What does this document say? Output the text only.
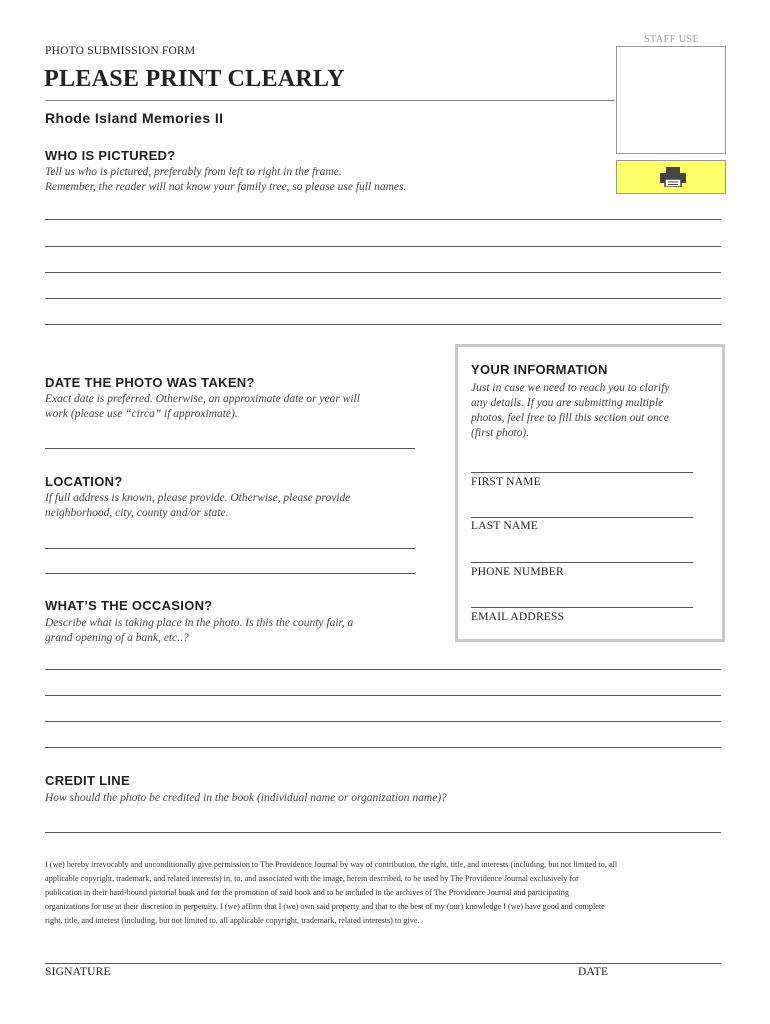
STAFF USE
PHOTO SUBMISSION FORM
PLEASE PRINT CLEARLY
Rhode Island Memories II
WHO IS PICTURED?
Tell us who is pictured, preferably from left to right in the frame.
Remember, the reader will not know your family tree, so please use full names.
DATE THE PHOTO WAS TAKEN?
Exact date is preferred. Otherwise, an approximate date or year will
work (please use “circa” if approximate).
LOCATION?
If full address is known, please provide. Otherwise, please provide
neighborhood, city, county and/or state.
WHAT’S THE OCCASION?
Describe what is taking place in the photo. Is this the county fair, a
grand opening of a bank, etc..?
YOUR INFORMATION
Just in case we need to reach you to clarify
any details. If you are submitting multiple
photos, feel free to fill this section out once
(first photo).
FIRST NAME
LAST NAME
PHONE NUMBER
EMAIL ADDRESS
CREDIT LINE
How should the photo be credited in the book (individual name or organization name)?
I (we) hereby irrevocably and unconditionally give permission to The Providence Journal by way of contribution, the right, title, and interests (including, but not limited to, all
applicable copyright, trademark, and related interests) in, to, and associated with the image, herein described, to be used by The Providence Journal exclusively for
publication in their hard-bound pictorial book and for the promotion of said book and to be included in the archives of The Providence Journal and participating
organizations for use at their discretion in perpetuity. I (we) affirm that I (we) own said property and that to the best of my (our) knowledge I (we) have good and complete
right, title, and interest (including, but not limited to, all applicable copyright, trademark, related interests) to give.
SIGNATURE	DATE
